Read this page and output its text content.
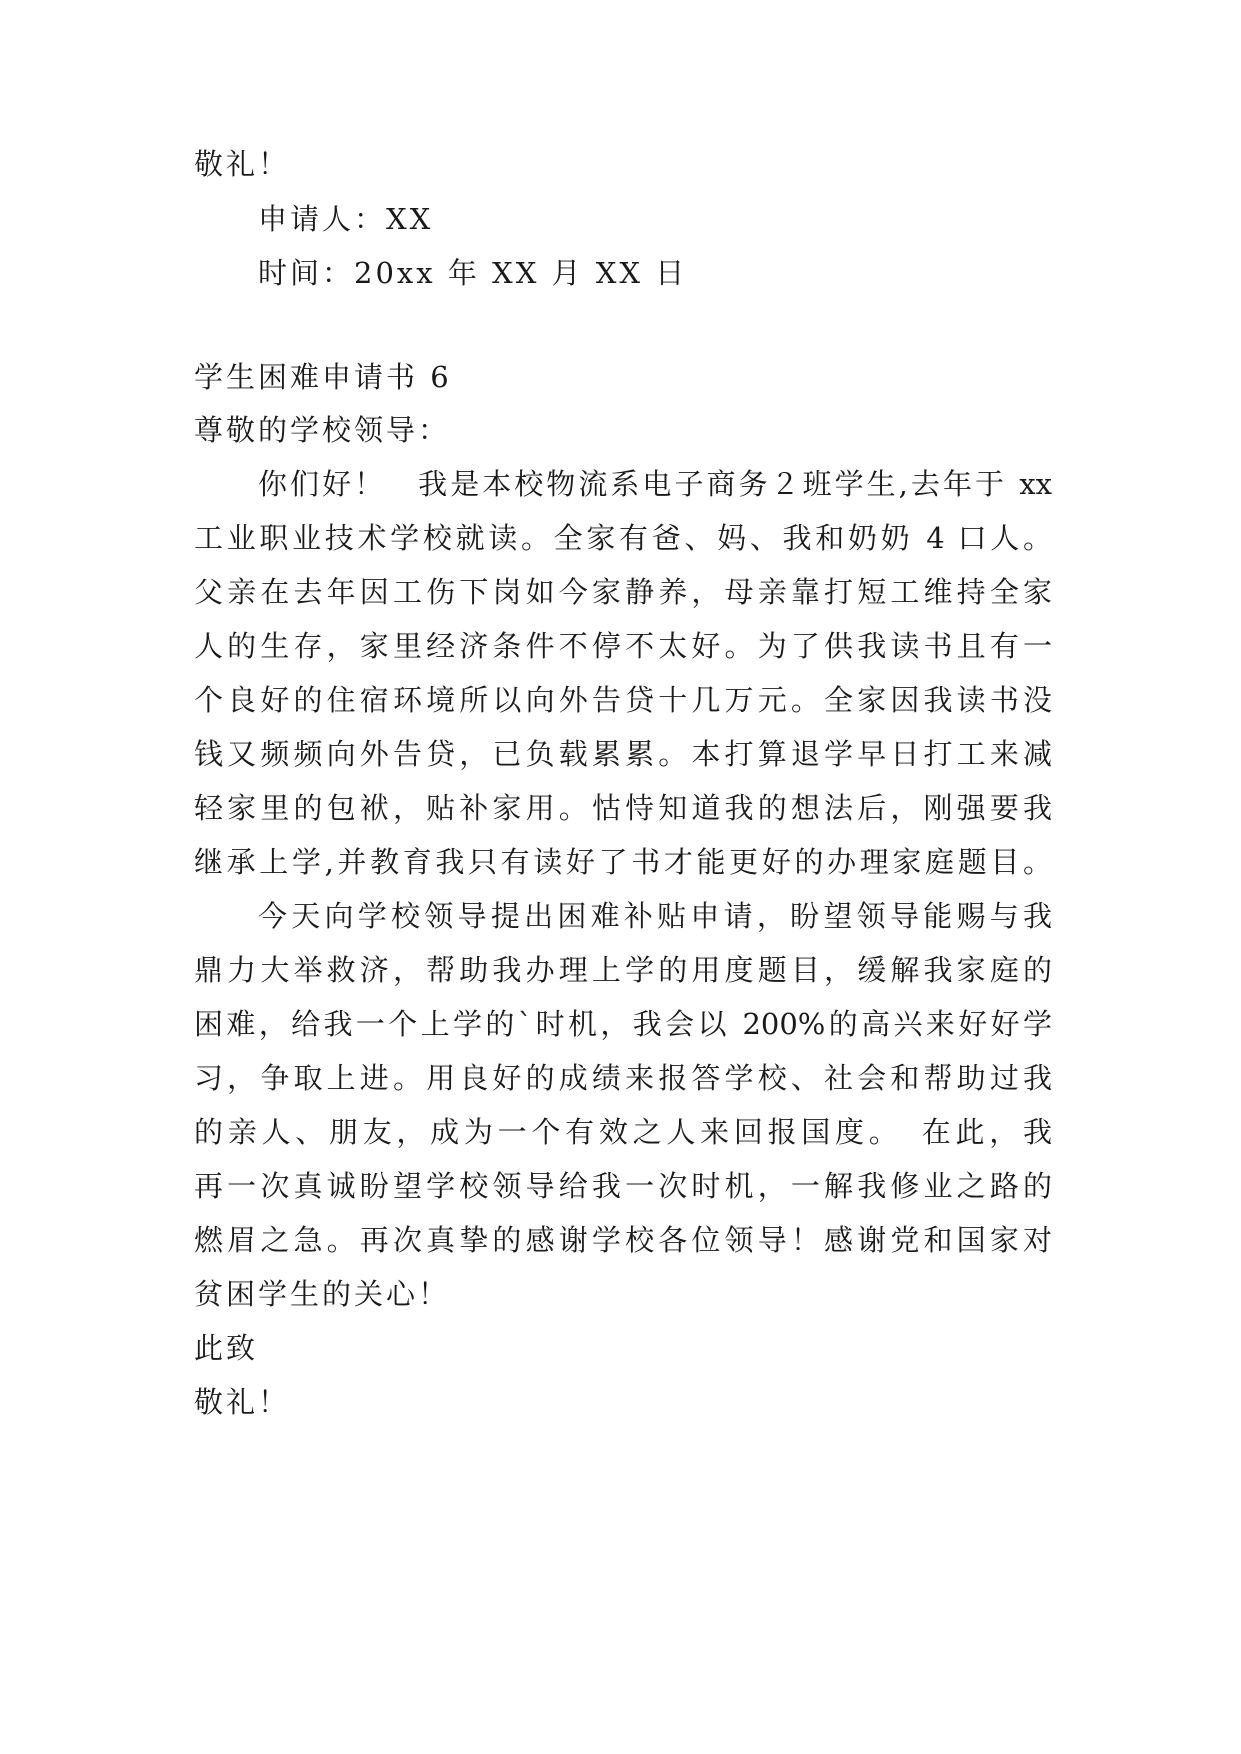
敬礼！

申请人：XX

时间：20xx 年 XX 月 XX 日

学生困难申请书 6

尊敬的学校领导：

你们好！　我是本校物流系电子商务２班学生,去年于 xx

工业职业技术学校就读。全家有爸、妈、我和奶奶 4 口人。

父亲在去年因工伤下岗如今家静养，母亲靠打短工维持全家

人的生存，家里经济条件不停不太好。为了供我读书且有一

个良好的住宿环境所以向外告贷十几万元。全家因我读书没

钱又频频向外告贷，已负载累累。本打算退学早日打工来减

轻家里的包袱，贴补家用。怙恃知道我的想法后，刚强要我

继承上学,并教育我只有读好了书才能更好的办理家庭题目。

今天向学校领导提出困难补贴申请，盼望领导能赐与我

鼎力大举救济，帮助我办理上学的用度题目，缓解我家庭的

困难，给我一个上学的`时机，我会以 200%的高兴来好好学

习，争取上进。用良好的成绩来报答学校、社会和帮助过我

的亲人、朋友，成为一个有效之人来回报国度。　在此，我

再一次真诚盼望学校领导给我一次时机，一解我修业之路的

燃眉之急。再次真挚的感谢学校各位领导！感谢党和国家对

贫困学生的关心！

此致

敬礼！
